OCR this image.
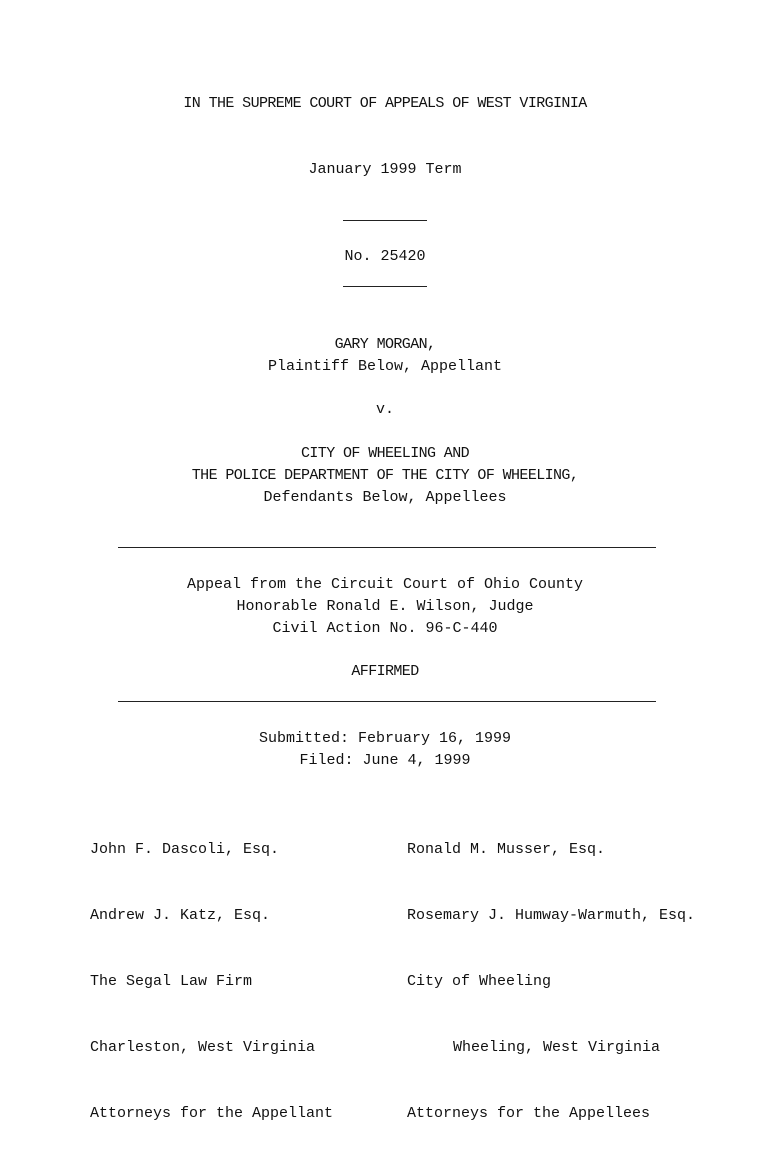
IN THE SUPREME COURT OF APPEALS OF WEST VIRGINIA
January 1999 Term
No. 25420
GARY MORGAN,
Plaintiff Below, Appellant
v.
CITY OF WHEELING AND
THE POLICE DEPARTMENT OF THE CITY OF WHEELING,
Defendants Below, Appellees
Appeal from the Circuit Court of Ohio County
Honorable Ronald E. Wilson, Judge
Civil Action No. 96-C-440
AFFIRMED
Submitted: February 16, 1999
Filed: June 4, 1999

John F. Dascoli, Esq.

Andrew J. Katz, Esq.

The Segal Law Firm

Charleston, West Virginia

Attorneys for the Appellant

Ronald M. Musser, Esq.

Rosemary J. Humway-Warmuth, Esq.

City of Wheeling

Wheeling, West Virginia

Attorneys for the Appellees
